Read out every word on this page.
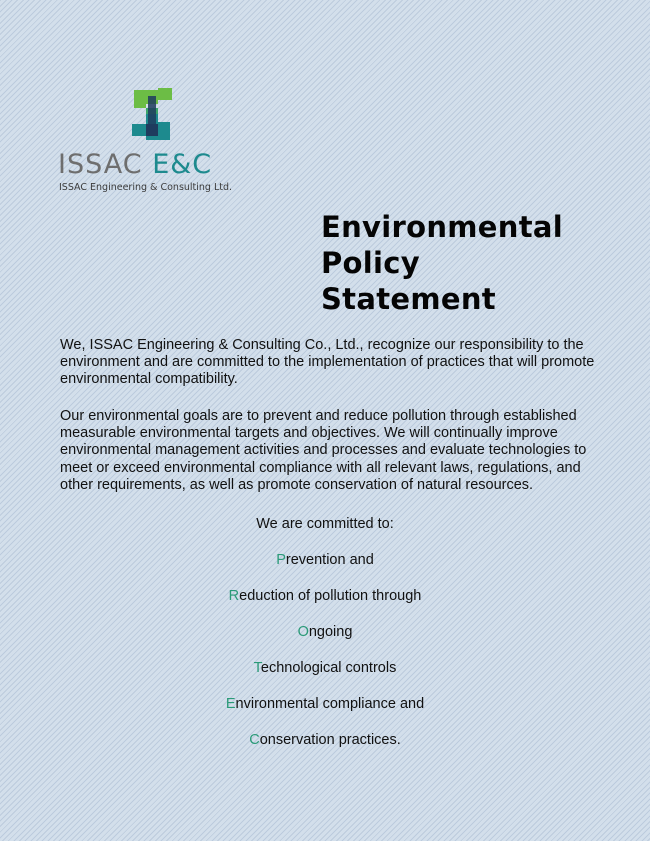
ISSAC E&C
ISSAC Engineering & Consulting Ltd.
Environmental
Policy
Statement

We, ISSAC Engineering & Consulting Co., Ltd., recognize our responsibility to the environment and are committed to the implementation of practices that will promote environmental compatibility.

Our environmental goals are to prevent and reduce pollution through established measurable environmental targets and objectives. We will continually improve environmental management activities and processes and evaluate technologies to meet or exceed environmental compliance with all relevant laws, regulations, and other requirements, as well as promote conservation of natural resources.

We are committed to:

Prevention and
Reduction of pollution through
Ongoing
Technological controls
Environmental compliance and
Conservation practices.
